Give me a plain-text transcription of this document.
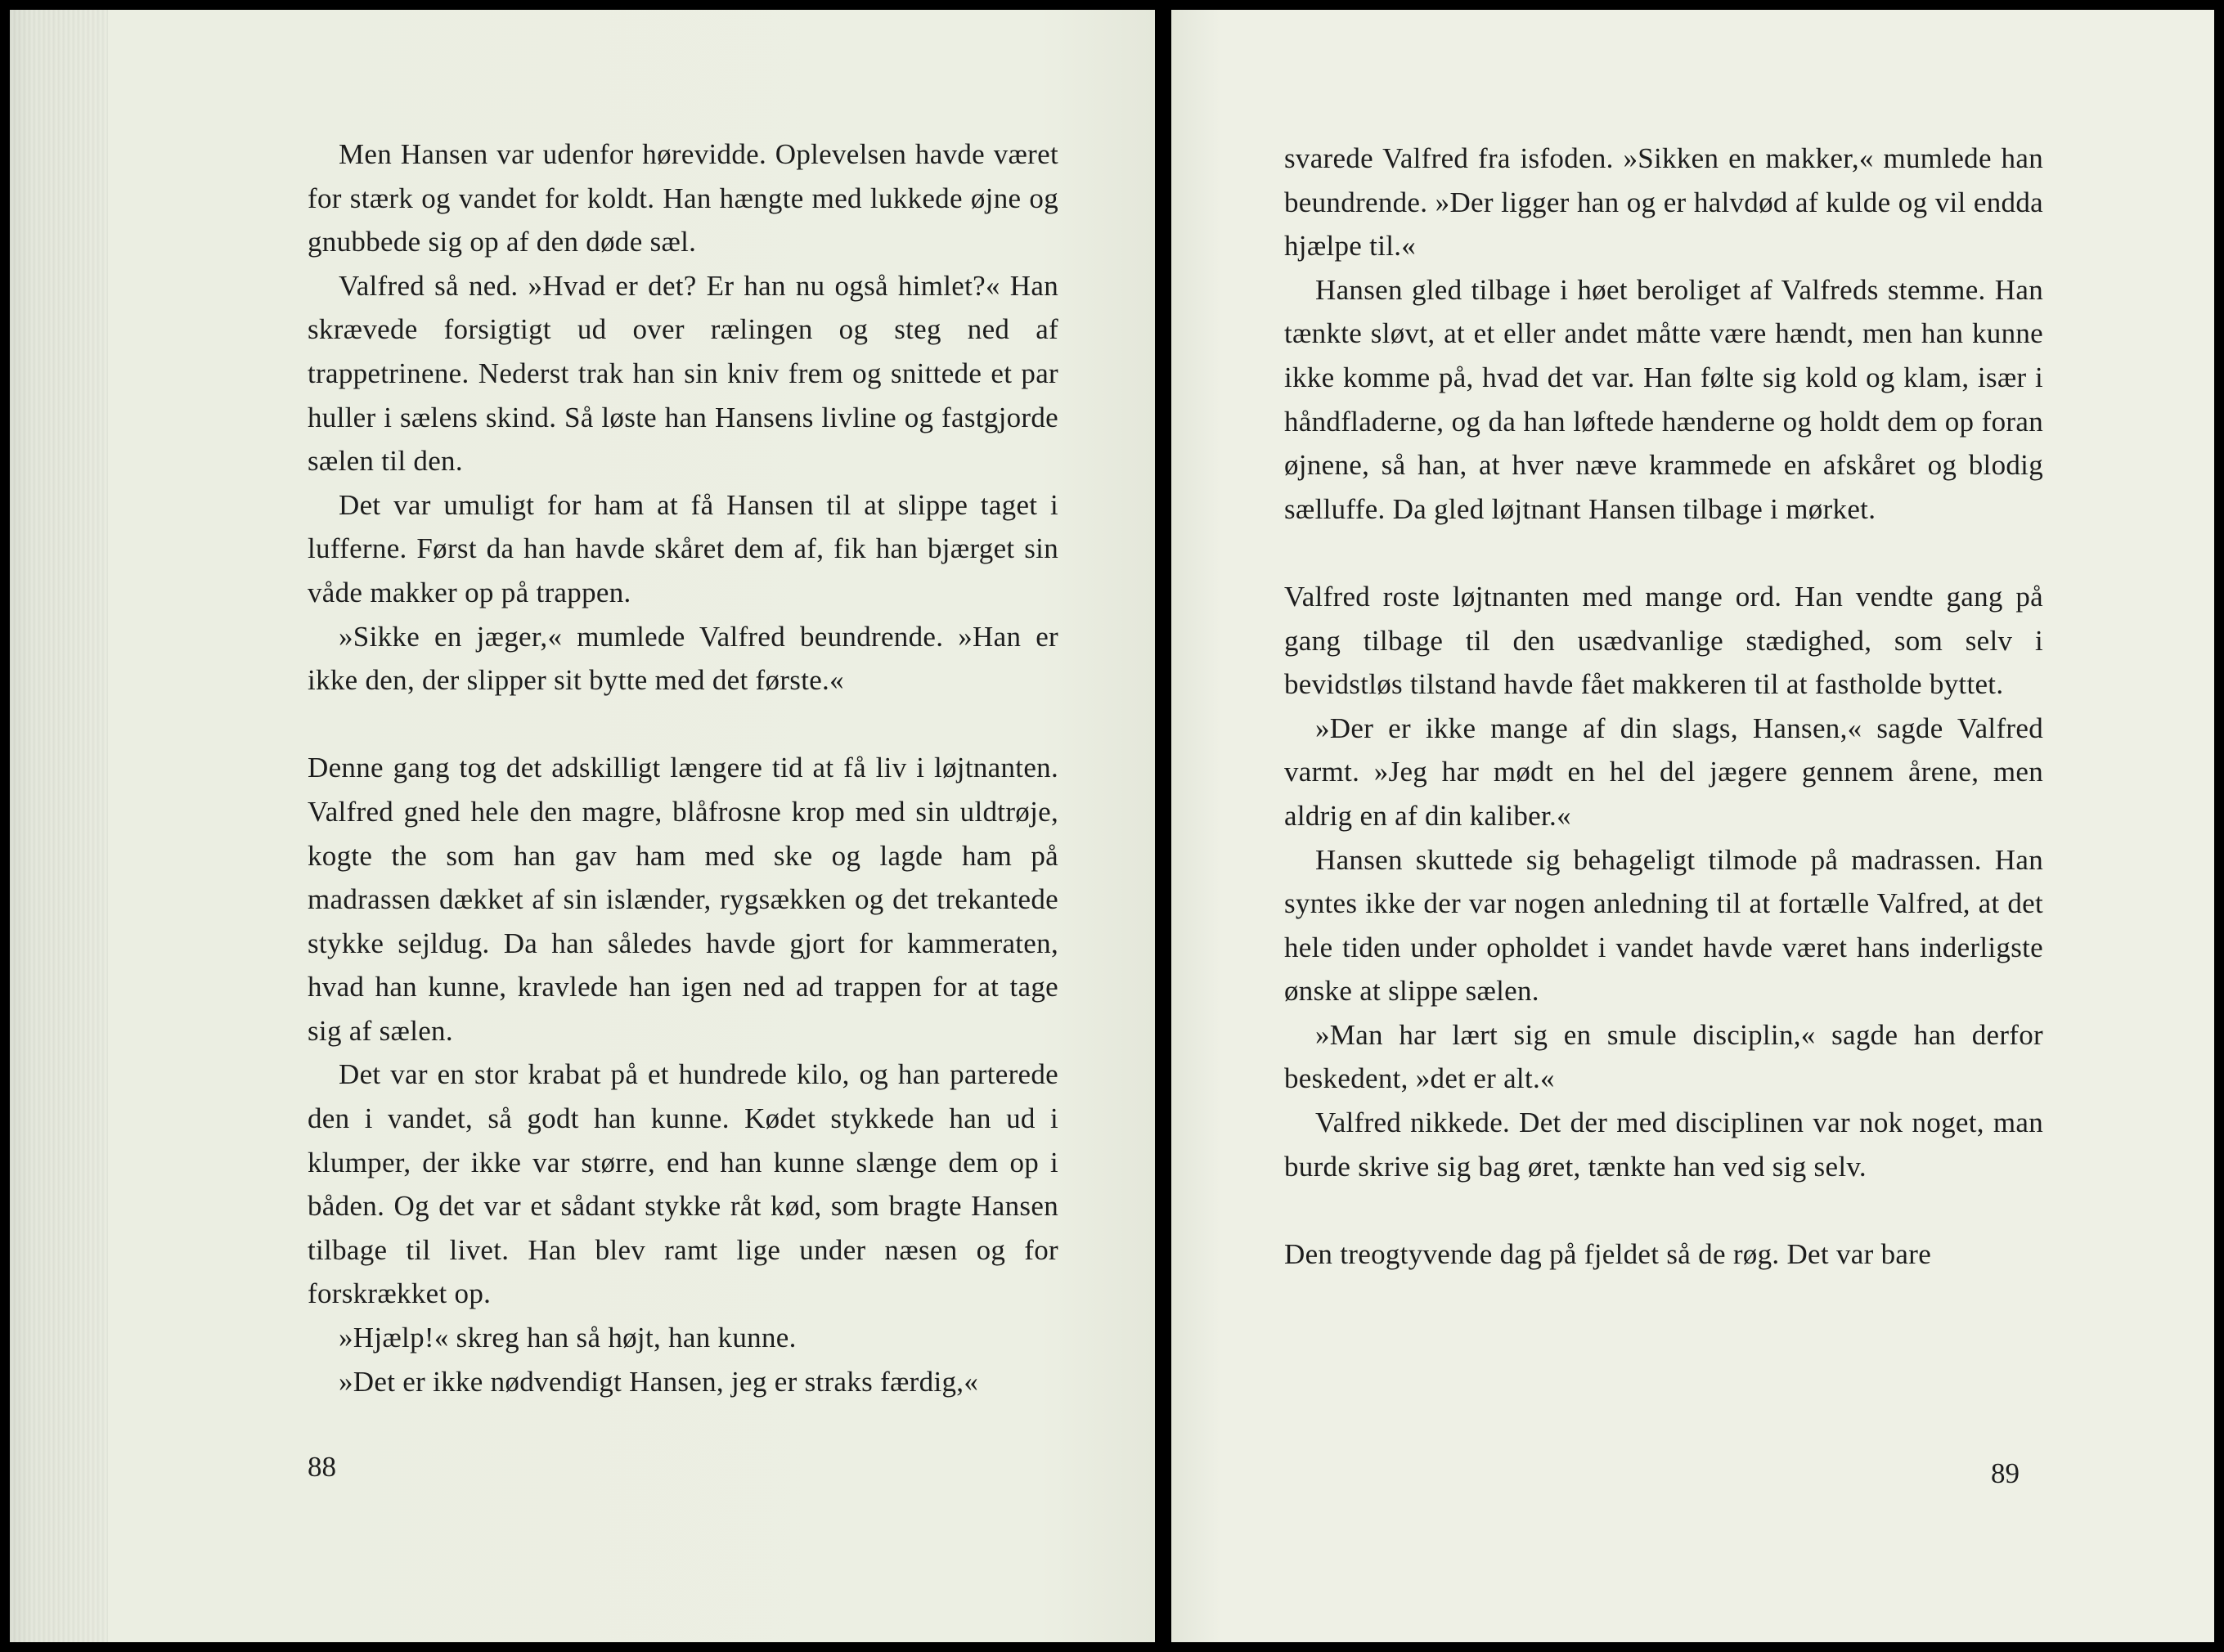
Men Hansen var udenfor hørevidde. Oplevelsen havde været for stærk og vandet for koldt. Han hængte med lukkede øjne og gnubbede sig op af den døde sæl.

Valfred så ned. »Hvad er det? Er han nu også himlet?« Han skrævede forsigtigt ud over rælingen og steg ned af trappetrinene. Nederst trak han sin kniv frem og snittede et par huller i sælens skind. Så løste han Hansens livline og fastgjorde sælen til den.

Det var umuligt for ham at få Hansen til at slippe taget i lufferne. Først da han havde skåret dem af, fik han bjærget sin våde makker op på trappen.

»Sikke en jæger,« mumlede Valfred beundrende. »Han er ikke den, der slipper sit bytte med det første.«

Denne gang tog det adskilligt længere tid at få liv i løjtnanten. Valfred gned hele den magre, blåfrosne krop med sin uldtrøje, kogte the som han gav ham med ske og lagde ham på madrassen dækket af sin islænder, rygsækken og det trekantede stykke sejldug. Da han således havde gjort for kammeraten, hvad han kunne, kravlede han igen ned ad trappen for at tage sig af sælen.

Det var en stor krabat på et hundrede kilo, og han parterede den i vandet, så godt han kunne. Kødet stykkede han ud i klumper, der ikke var større, end han kunne slænge dem op i båden. Og det var et sådant stykke råt kød, som bragte Hansen tilbage til livet. Han blev ramt lige under næsen og for forskrækket op.

»Hjælp!« skreg han så højt, han kunne.

»Det er ikke nødvendigt Hansen, jeg er straks færdig,«

88

svarede Valfred fra isfoden. »Sikken en makker,« mumlede han beundrende. »Der ligger han og er halvdød af kulde og vil endda hjælpe til.«

Hansen gled tilbage i høet beroliget af Valfreds stemme. Han tænkte sløvt, at et eller andet måtte være hændt, men han kunne ikke komme på, hvad det var. Han følte sig kold og klam, især i håndfladerne, og da han løftede hænderne og holdt dem op foran øjnene, så han, at hver næve krammede en afskåret og blodig sælluffe. Da gled løjtnant Hansen tilbage i mørket.

Valfred roste løjtnanten med mange ord. Han vendte gang på gang tilbage til den usædvanlige stædighed, som selv i bevidstløs tilstand havde fået makkeren til at fastholde byttet.

»Der er ikke mange af din slags, Hansen,« sagde Valfred varmt. »Jeg har mødt en hel del jægere gennem årene, men aldrig en af din kaliber.«

Hansen skuttede sig behageligt tilmode på madrassen. Han syntes ikke der var nogen anledning til at fortælle Valfred, at det hele tiden under opholdet i vandet havde været hans inderligste ønske at slippe sælen.

»Man har lært sig en smule disciplin,« sagde han derfor beskedent, »det er alt.«

Valfred nikkede. Det der med disciplinen var nok noget, man burde skrive sig bag øret, tænkte han ved sig selv.

Den treogtyvende dag på fjeldet så de røg. Det var bare

89
